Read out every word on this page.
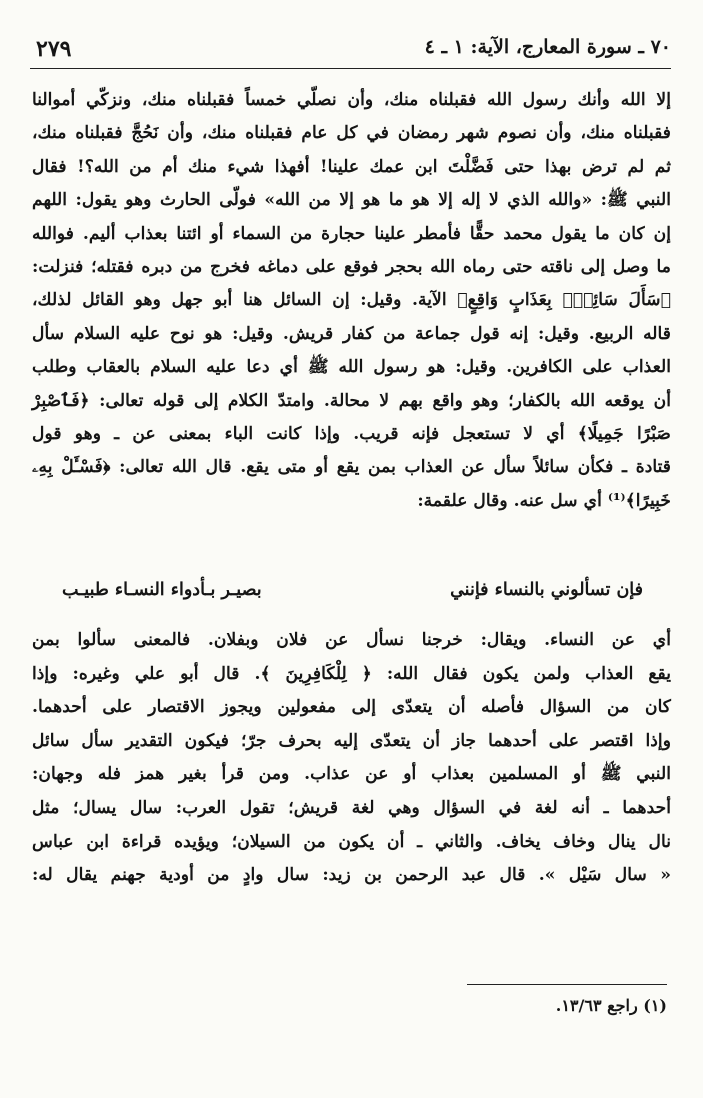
٢٧٩	٧٠ ـ سورة المعارج، الآية: ١ ـ ٤

إلا الله وأنك رسول الله فقبلناه منك، وأن نصلّي خمساً فقبلناه منك، ونزكّي أموالنا

فقبلناه منك، وأن نصوم شهر رمضان في كل عام فقبلناه منك، وأن نَحُجَّ فقبلناه منك،

ثم لم ترض بهذا حتى فَضَّلْتَ ابن عمك علينا! أفهذا شيء منك أم من الله؟! فقال

النبي ﷺ: «والله الذي لا إله إلا هو ما هو إلا من الله» فولّى الحارث وهو يقول: اللهم

إن كان ما يقول محمد حقًّا فأمطر علينا حجارة من السماء أو ائتنا بعذاب أليم. فوالله

ما وصل إلى ناقته حتى رماه الله بحجر فوقع على دماغه فخرج من دبره فقتله؛ فنزلت:

﴿سَأَلَ سَائِلٌۢ بِعَذَابٍ وَاقِعٍ﴾ الآية. وقيل: إن السائل هنا أبو جهل وهو القائل لذلك،

قاله الربيع. وقيل: إنه قول جماعة من كفار قريش. وقيل: هو نوح عليه السلام سأل

العذاب على الكافرين. وقيل: هو رسول الله ﷺ أي دعا عليه السلام بالعقاب وطلب

أن يوقعه الله بالكفار؛ وهو واقع بهم لا محالة. وامتدّ الكلام إلى قوله تعالى: ﴿فَٱصْبِرْ

صَبْرًا جَمِيلًا﴾ أي لا تستعجل فإنه قريب. وإذا كانت الباء بمعنى عن ـ وهو قول

قتادة ـ فكأن سائلاً سأل عن العذاب بمن يقع أو متى يقع. قال الله تعالى: ﴿فَسْـَٔلْ بِهِۦ

خَبِيرًا﴾⁽¹⁾ أي سل عنه. وقال علقمة:

فإن تسألوني بالنساء فإنني
بصيـر بـأدواء النسـاء طبيـب

أي عن النساء. ويقال: خرجنا نسأل عن فلان وبفلان. فالمعنى سألوا بمن

يقع العذاب ولمن يكون فقال الله: ﴿ لِلْكَافِرِينَ ﴾. قال أبو علي وغيره: وإذا

كان من السؤال فأصله أن يتعدّى إلى مفعولين ويجوز الاقتصار على أحدهما.

وإذا اقتصر على أحدهما جاز أن يتعدّى إليه بحرف جرّ؛ فيكون التقدير سأل سائل

النبي ﷺ أو المسلمين بعذاب أو عن عذاب. ومن قرأ بغير همز فله وجهان:

أحدهما ـ أنه لغة في السؤال وهي لغة قريش؛ تقول العرب: سال يسال؛ مثل

نال ينال وخاف يخاف. والثاني ـ أن يكون من السيلان؛ ويؤيده قراءة ابن عباس

« سال سَيْل ». قال عبد الرحمن بن زيد: سال وادٍ من أودية جهنم يقال له:

(١) راجع ١٣/٦٣.
